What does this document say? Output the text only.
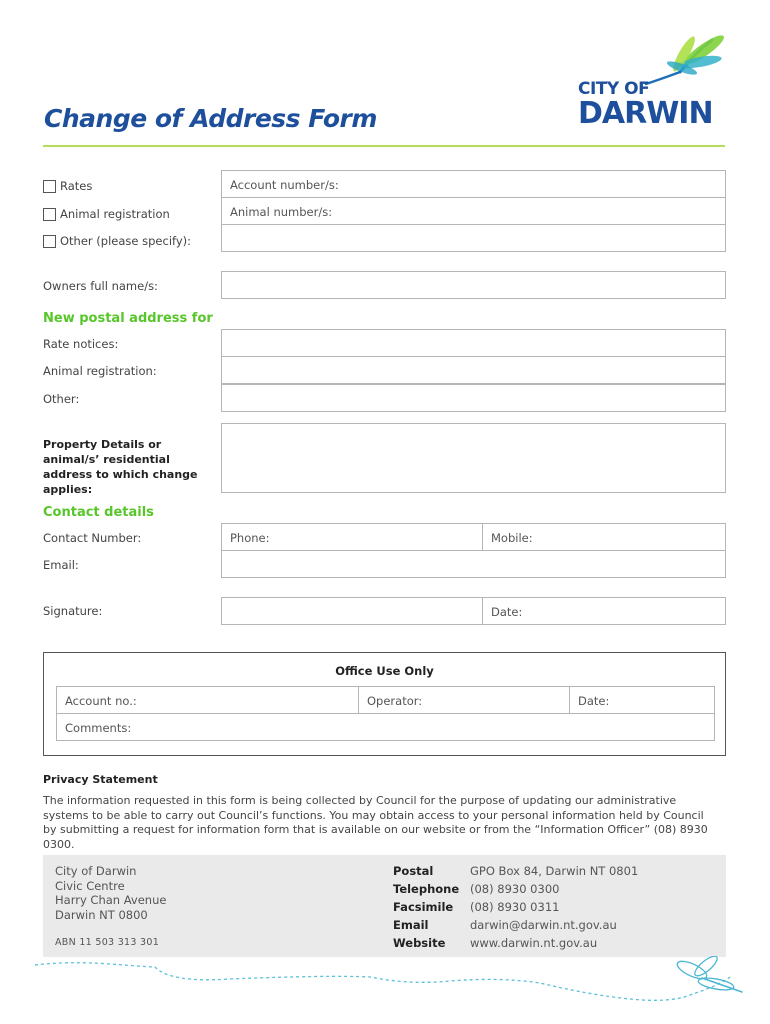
Change of Address Form
CITY OF
DARWIN
Rates
Animal registration
Other (please specify):
Account number/s:
Animal number/s:
Owners full name/s:
New postal address for
Rate notices:
Animal registration:
Other:
Property Details or animal/s’ residential address to which change applies:
Contact details
Contact Number:	Phone:	Mobile:
Email:
Signature:	Date:
Office Use Only
Account no.:	Operator:	Date:
Comments:
Privacy Statement
The information requested in this form is being collected by Council for the purpose of updating our administrative systems to be able to carry out Council’s functions. You may obtain access to your personal information held by Council by submitting a request for information form that is available on our website or from the “Information Officer” (08) 8930 0300.
City of Darwin
Civic Centre
Harry Chan Avenue
Darwin NT 0800
ABN 11 503 313 301
Postal	GPO Box 84, Darwin NT 0801
Telephone (08) 8930 0300
Facsimile	(08) 8930 0311
Email	darwin@darwin.nt.gov.au
Website	www.darwin.nt.gov.au
